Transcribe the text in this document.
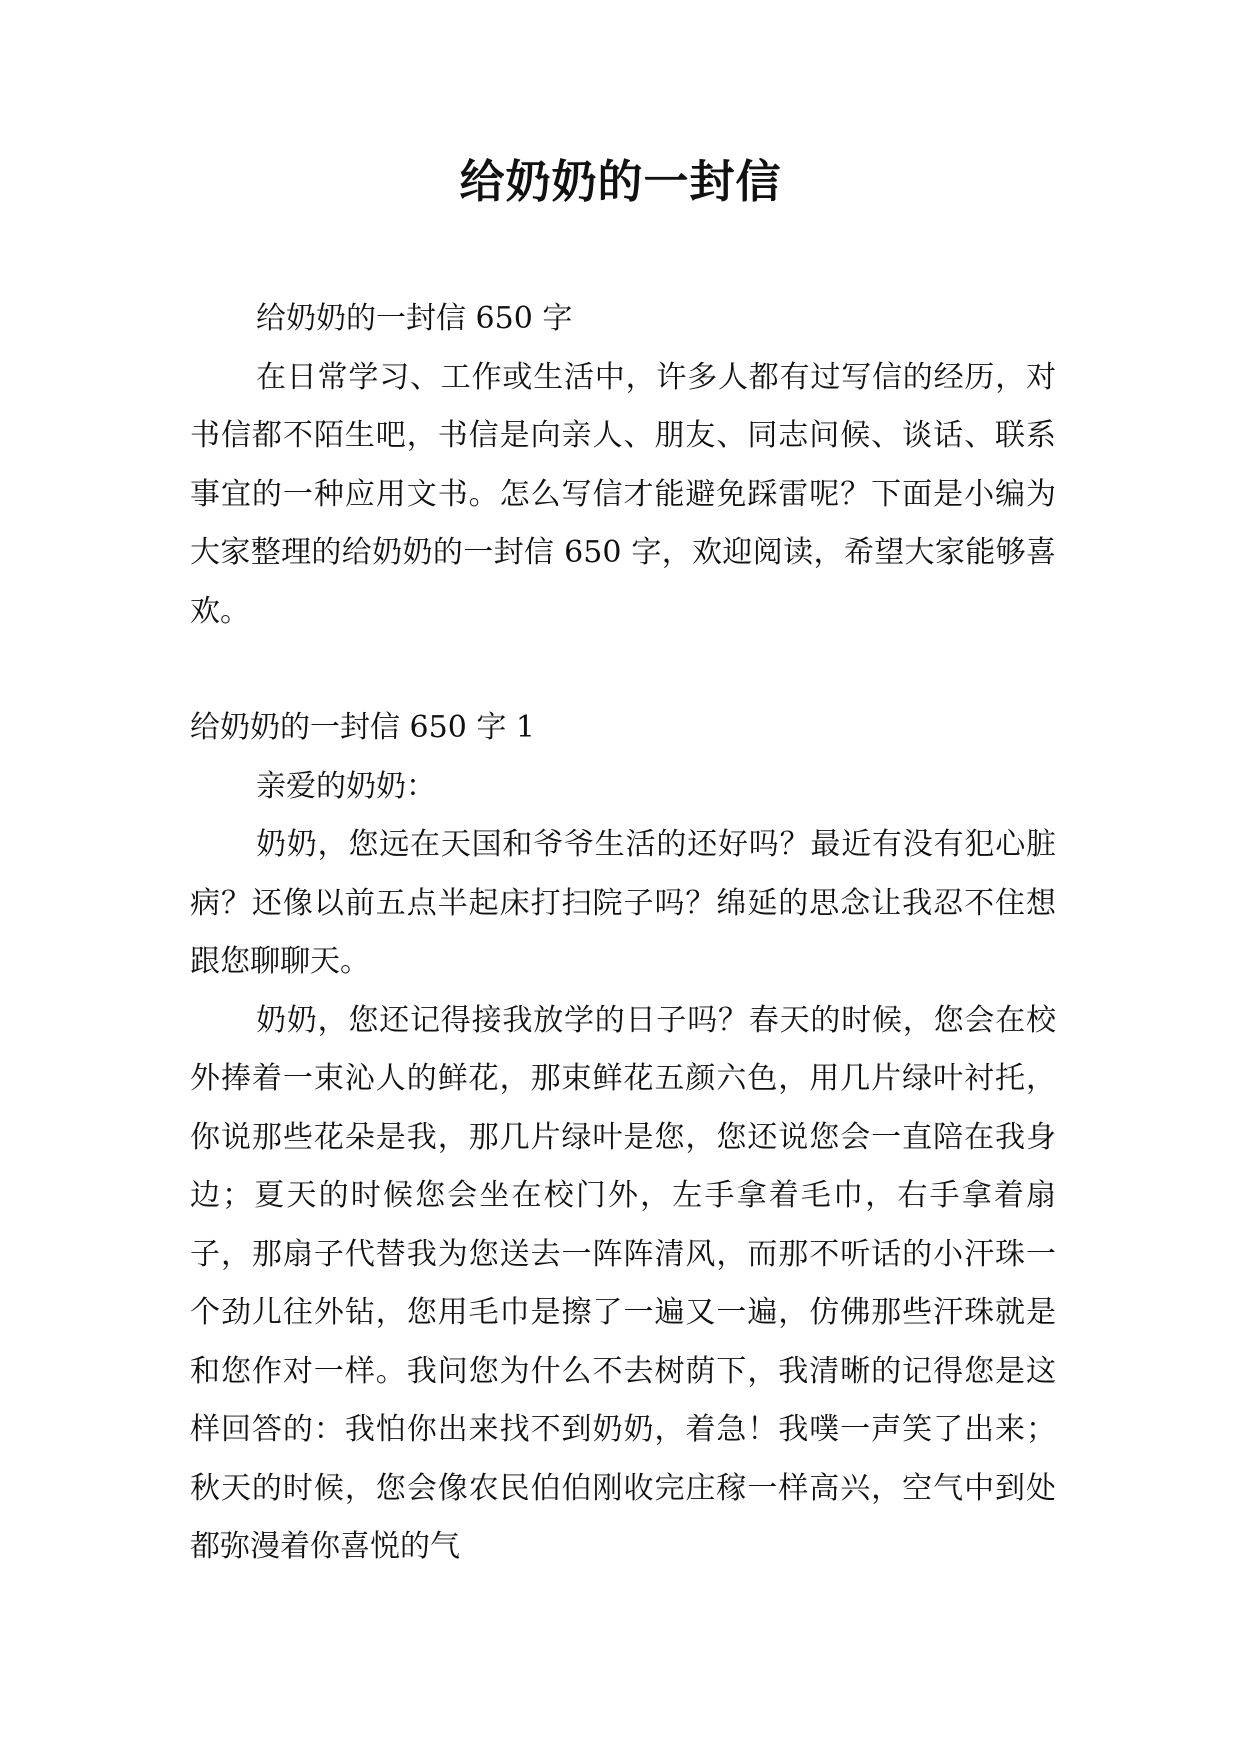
给奶奶的一封信

给奶奶的一封信 650 字

在日常学习、工作或生活中，许多人都有过写信的经历，对书信都不陌生吧，书信是向亲人、朋友、同志问候、谈话、联系事宜的一种应用文书。怎么写信才能避免踩雷呢？下面是小编为大家整理的给奶奶的一封信 650 字，欢迎阅读，希望大家能够喜欢。

给奶奶的一封信 650 字 1

亲爱的奶奶：

奶奶，您远在天国和爷爷生活的还好吗？最近有没有犯心脏病？还像以前五点半起床打扫院子吗？绵延的思念让我忍不住想跟您聊聊天。

奶奶，您还记得接我放学的日子吗？春天的时候，您会在校外捧着一束沁人的鲜花，那束鲜花五颜六色，用几片绿叶衬托，你说那些花朵是我，那几片绿叶是您，您还说您会一直陪在我身边；夏天的时候您会坐在校门外，左手拿着毛巾，右手拿着扇子，那扇子代替我为您送去一阵阵清风，而那不听话的小汗珠一个劲儿往外钻，您用毛巾是擦了一遍又一遍，仿佛那些汗珠就是和您作对一样。我问您为什么不去树荫下，我清晰的记得您是这样回答的：我怕你出来找不到奶奶，着急！我噗一声笑了出来；秋天的时候，您会像农民伯伯刚收完庄稼一样高兴，空气中到处都弥漫着你喜悦的气
